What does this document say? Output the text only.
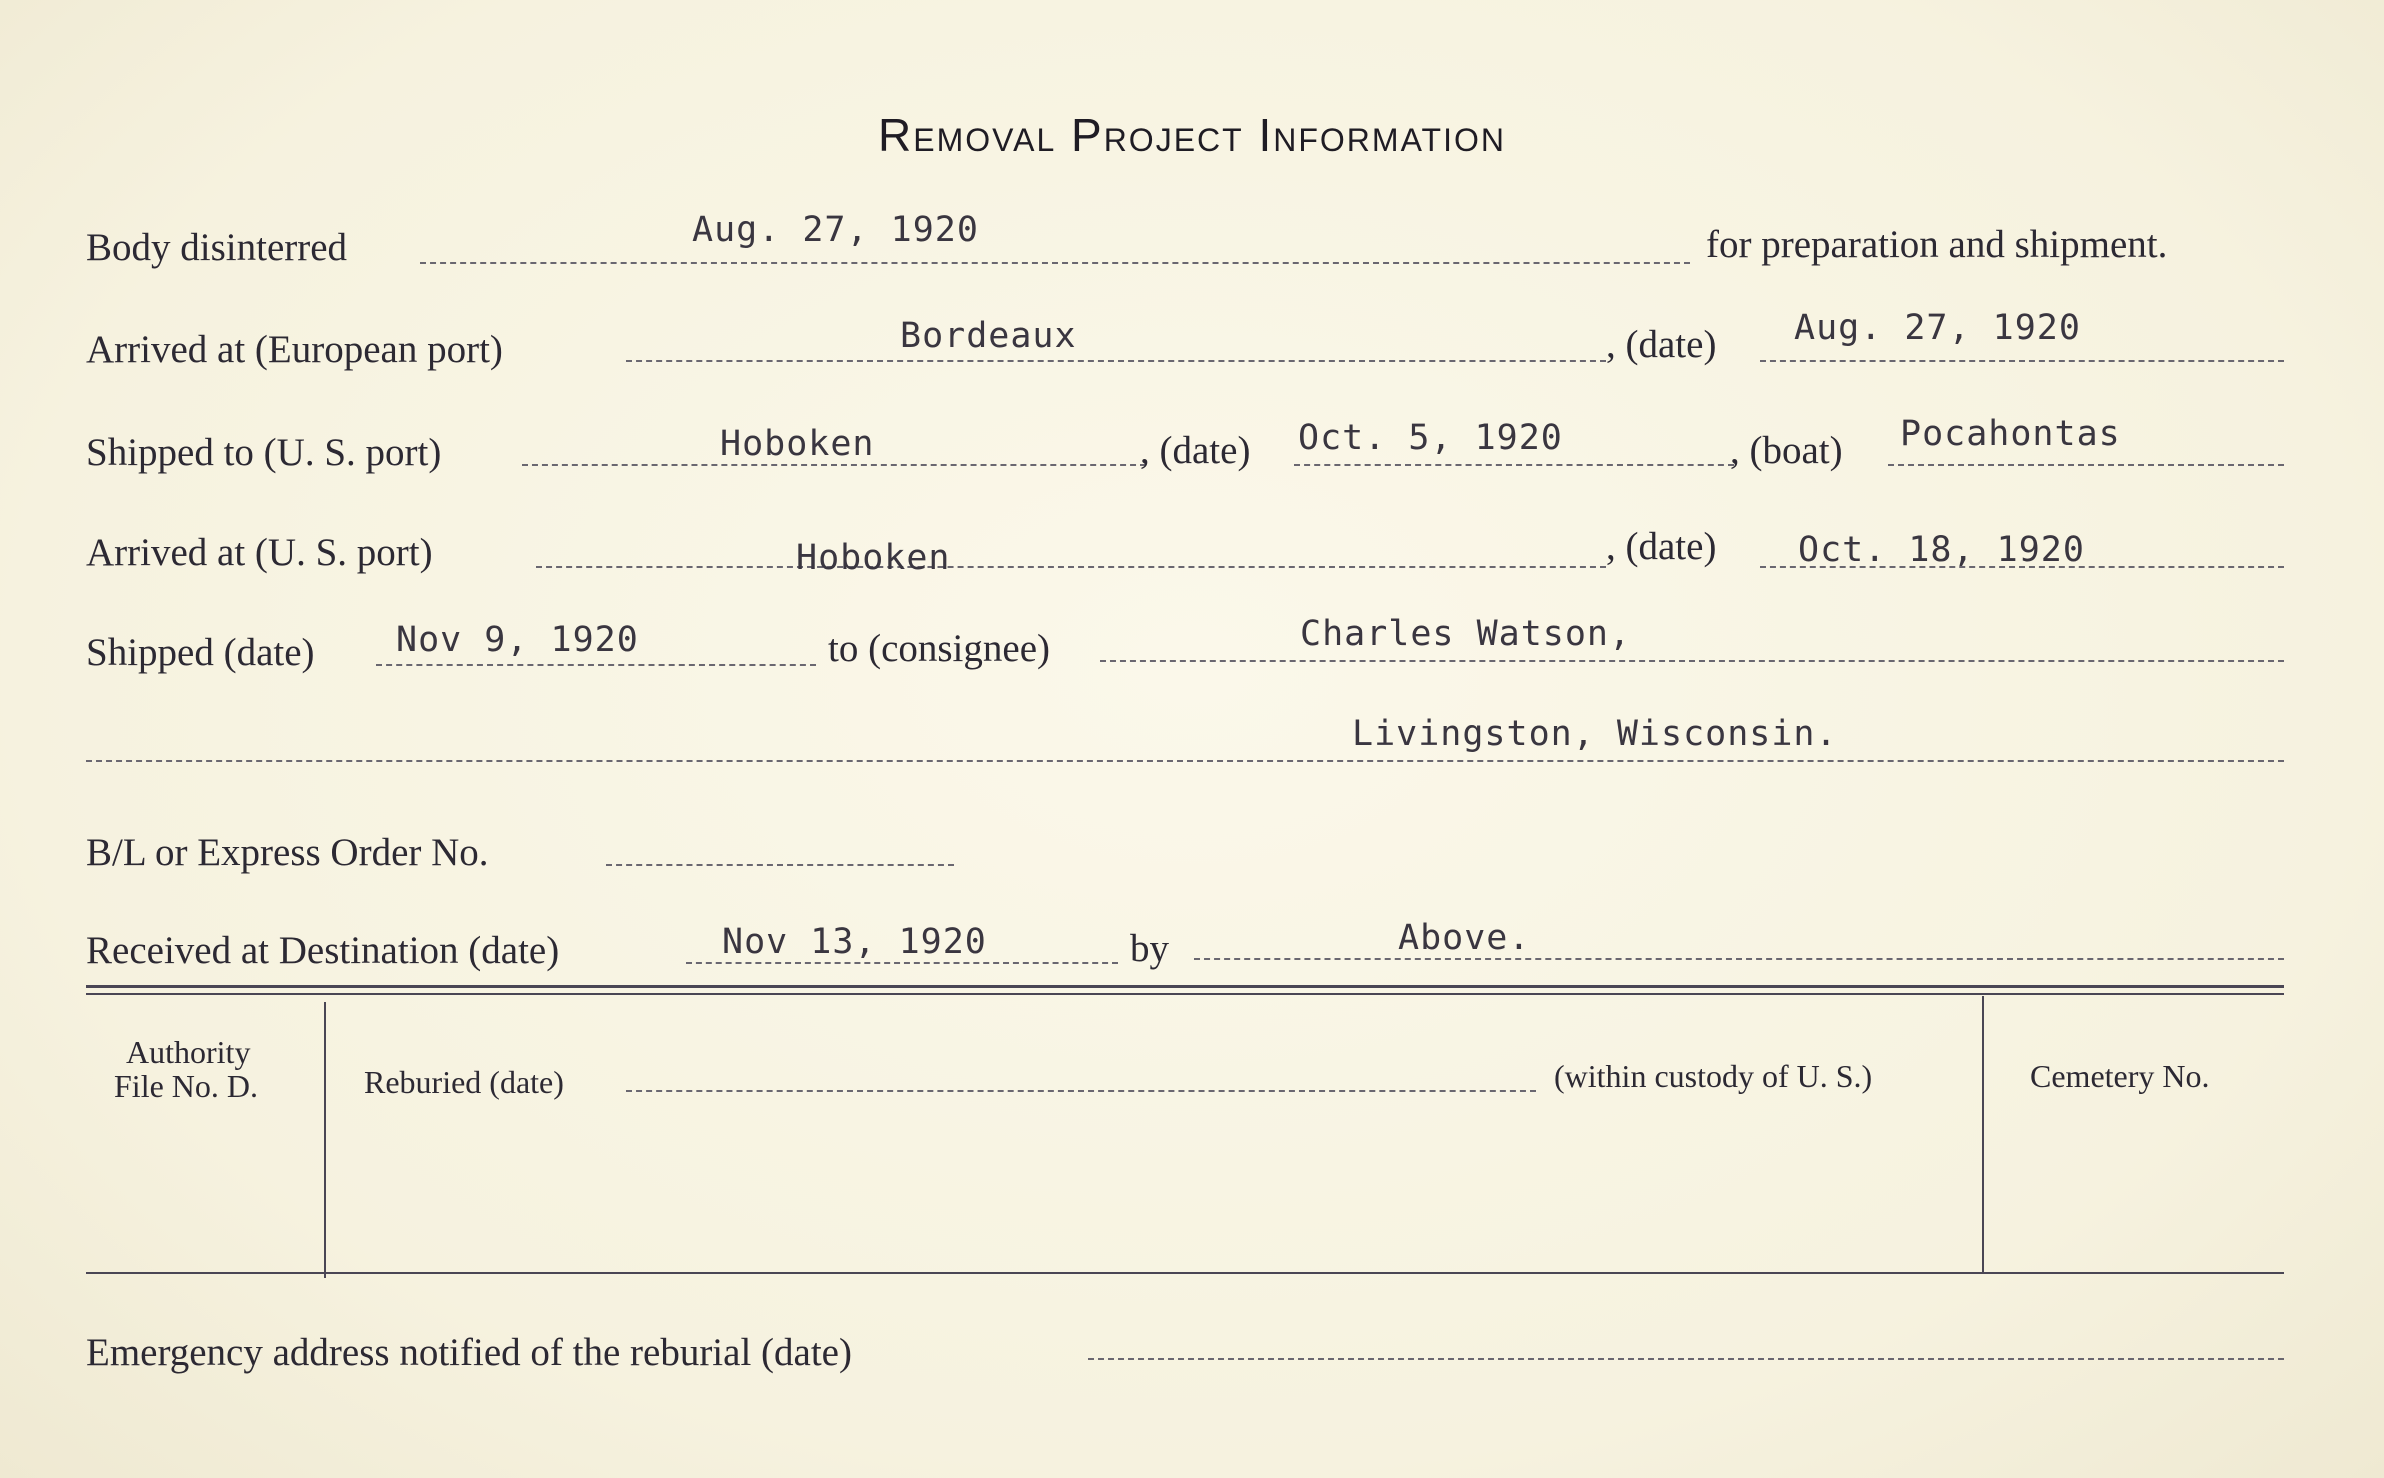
Removal Project Information
Body disinterred	Aug. 27, 1920	for preparation and shipment.
Arrived at (European port)	Bordeaux	, (date) Aug. 27, 1920
Shipped to (U. S. port)	Hoboken	, (date) Oct. 5, 1920	, (boat) Pocahontas
Arrived at (U. S. port)	Hoboken	, (date) Oct. 18, 1920
Shipped (date) Nov 9, 1920	to (consignee)	Charles Watson,
Livingston, Wisconsin.
B/L or Express Order No.
Received at Destination (date)	Nov 13, 1920	by	Above.
Authority
File No. D.	Reburied (date)	(within custody of U. S.)	Cemetery No.
Emergency address notified of the reburial (date)
